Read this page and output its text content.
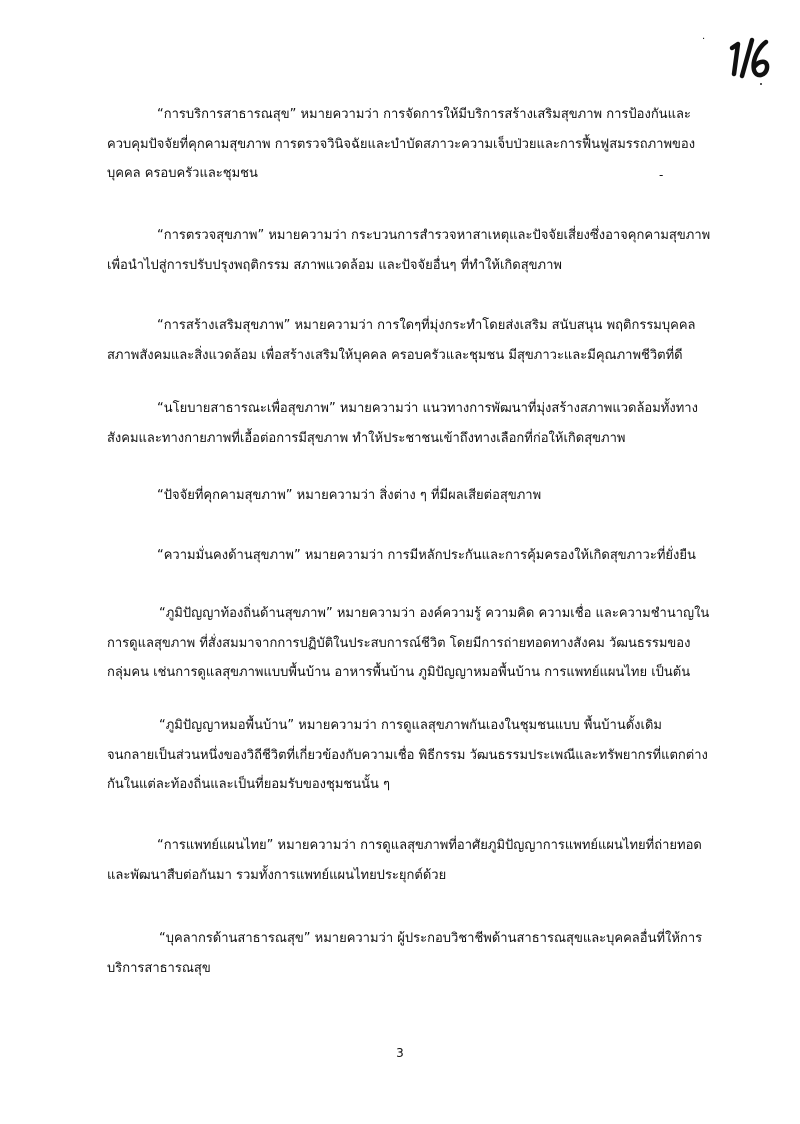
·
“การบริการสาธารณสุข” หมายความว่า การจัดการให้มีบริการสร้างเสริมสุขภาพ การป้องกันและ
ควบคุมปัจจัยที่คุกคามสุขภาพ การตรวจวินิจฉัยและบำบัดสภาวะความเจ็บป่วยและการฟื้นฟูสมรรถภาพของ
บุคคล ครอบครัวและชุมชน	-
“การตรวจสุขภาพ” หมายความว่า กระบวนการสำรวจหาสาเหตุและปัจจัยเสี่ยงซึ่งอาจคุกคามสุขภาพ
เพื่อนำไปสู่การปรับปรุงพฤติกรรม สภาพแวดล้อม และปัจจัยอื่นๆ ที่ทำให้เกิดสุขภาพ
“การสร้างเสริมสุขภาพ” หมายความว่า การใดๆที่มุ่งกระทำโดยส่งเสริม สนับสนุน พฤติกรรมบุคคล
สภาพสังคมและสิ่งแวดล้อม เพื่อสร้างเสริมให้บุคคล ครอบครัวและชุมชน มีสุขภาวะและมีคุณภาพชีวิตที่ดี
“นโยบายสาธารณะเพื่อสุขภาพ” หมายความว่า แนวทางการพัฒนาที่มุ่งสร้างสภาพแวดล้อมทั้งทาง
สังคมและทางกายภาพที่เอื้อต่อการมีสุขภาพ ทำให้ประชาชนเข้าถึงทางเลือกที่ก่อให้เกิดสุขภาพ
“ปัจจัยที่คุกคามสุขภาพ” หมายความว่า สิ่งต่าง ๆ ที่มีผลเสียต่อสุขภาพ
“ความมั่นคงด้านสุขภาพ” หมายความว่า การมีหลักประกันและการคุ้มครองให้เกิดสุขภาวะที่ยั่งยืน
“ภูมิปัญญาท้องถิ่นด้านสุขภาพ” หมายความว่า องค์ความรู้ ความคิด ความเชื่อ และความชำนาญใน
การดูแลสุขภาพ ที่สั่งสมมาจากการปฏิบัติในประสบการณ์ชีวิต โดยมีการถ่ายทอดทางสังคม วัฒนธรรมของ
กลุ่มคน เช่นการดูแลสุขภาพแบบพื้นบ้าน อาหารพื้นบ้าน ภูมิปัญญาหมอพื้นบ้าน การแพทย์แผนไทย เป็นต้น
“ภูมิปัญญาหมอพื้นบ้าน” หมายความว่า การดูแลสุขภาพกันเองในชุมชนแบบ พื้นบ้านดั้งเดิม
จนกลายเป็นส่วนหนึ่งของวิถีชีวิตที่เกี่ยวข้องกับความเชื่อ พิธีกรรม วัฒนธรรมประเพณีและทรัพยากรที่แตกต่าง
กันในแต่ละท้องถิ่นและเป็นที่ยอมรับของชุมชนนั้น ๆ
“การแพทย์แผนไทย” หมายความว่า การดูแลสุขภาพที่อาศัยภูมิปัญญาการแพทย์แผนไทยที่ถ่ายทอด
และพัฒนาสืบต่อกันมา รวมทั้งการแพทย์แผนไทยประยุกต์ด้วย
“บุคลากรด้านสาธารณสุข” หมายความว่า ผู้ประกอบวิชาชีพด้านสาธารณสุขและบุคคลอื่นที่ให้การ
บริการสาธารณสุข
3
